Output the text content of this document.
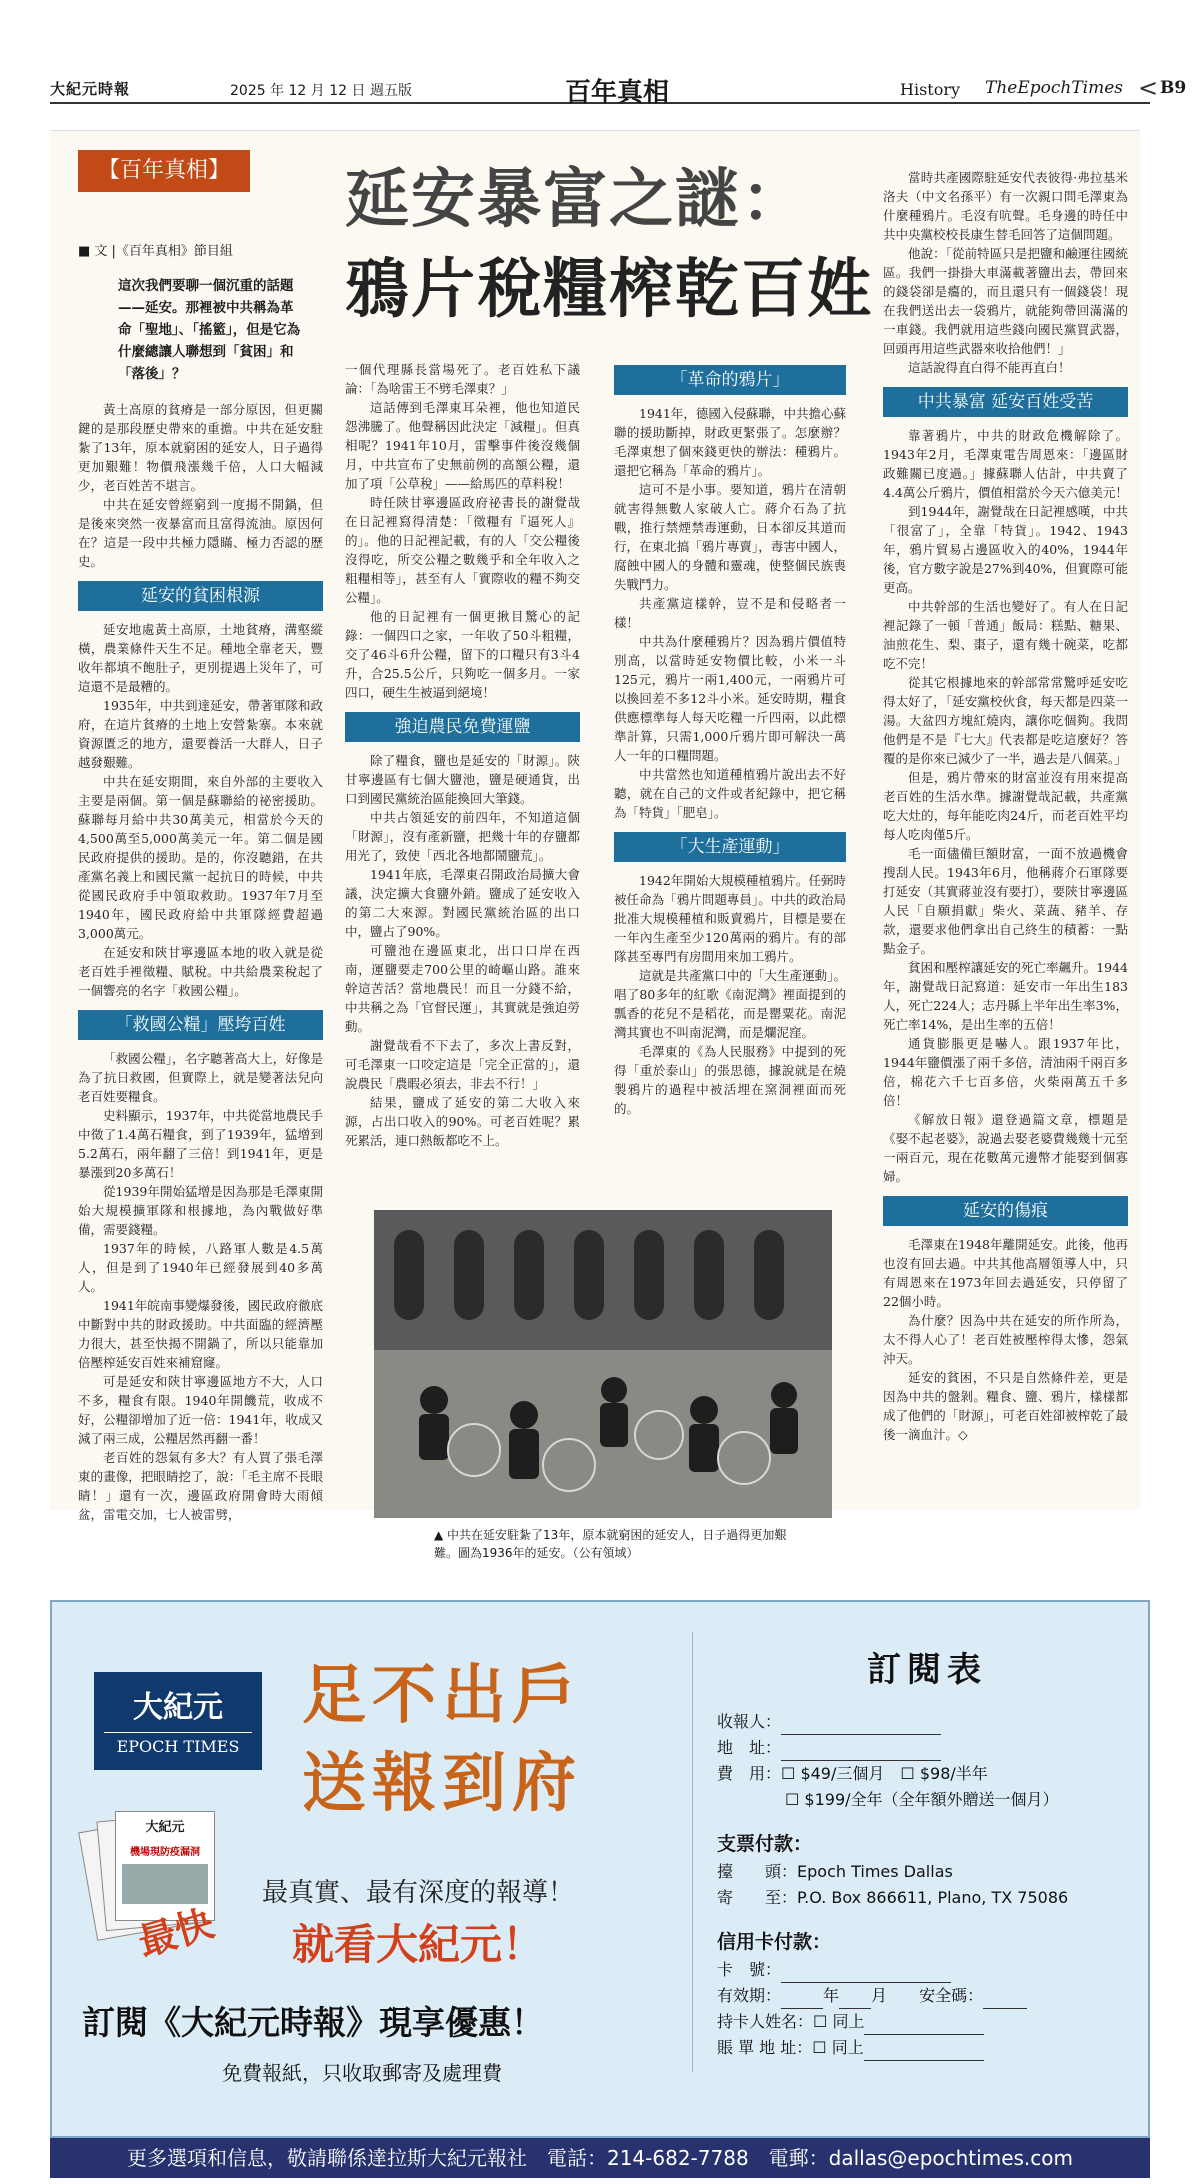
大紀元時報	2025 年 12 月 12 日 週五版	百年真相	History TheEpochTimes < B9
【百年真相】
■ 文 |《百年真相》節目組
這次我們要聊一個沉重的話題——延安。那裡被中共稱為革命「聖地」、「搖籃」，但是它為什麼總讓人聯想到「貧困」和「落後」？
延安暴富之謎：
鴉片稅糧榨乾百姓

黃土高原的貧瘠是一部分原因，但更關鍵的是那段歷史帶來的重擔。中共在延安駐紮了13年，原本就窮困的延安人，日子過得更加艱難！物價飛漲幾千倍，人口大幅減少，老百姓苦不堪言。

中共在延安曾經窮到一度揭不開鍋，但是後來突然一夜暴富而且富得流油。原因何在？這是一段中共極力隱瞞、極力否認的歷史。

延安的貧困根源

延安地處黃土高原，土地貧瘠，溝壑縱橫，農業條件天生不足。種地全靠老天，豐收年都填不飽肚子，更別提遇上災年了，可這還不是最糟的。

1935年，中共到達延安，帶著軍隊和政府，在這片貧瘠的土地上安營紮寨。本來就資源匱乏的地方，還要養活一大群人，日子越發艱難。

中共在延安期間，來自外部的主要收入主要是兩個。第一個是蘇聯給的祕密援助。蘇聯每月給中共30萬美元，相當於今天的4,500萬至5,000萬美元一年。第二個是國民政府提供的援助。是的，你沒聽錯，在共產黨名義上和國民黨一起抗日的時候，中共從國民政府手中領取救助。1937年7月至1940年，國民政府給中共軍隊經費超過3,000萬元。

在延安和陝甘寧邊區本地的收入就是從老百姓手裡徵糧、賦稅。中共給農業稅起了一個響亮的名字「救國公糧」。

「救國公糧」壓垮百姓

「救國公糧」，名字聽著高大上，好像是為了抗日救國，但實際上，就是變著法兒向老百姓要糧食。

史料顯示，1937年，中共從當地農民手中徵了1.4萬石糧食，到了1939年，猛增到5.2萬石，兩年翻了三倍！到1941年，更是暴漲到20多萬石！

從1939年開始猛增是因為那是毛澤東開始大規模擴軍隊和根據地，為內戰做好準備，需要錢糧。

1937年的時候，八路軍人數是4.5萬人，但是到了1940年已經發展到40多萬人。

1941年皖南事變爆發後，國民政府徹底中斷對中共的財政援助。中共面臨的經濟壓力很大，甚至快揭不開鍋了，所以只能靠加倍壓榨延安百姓來補窟窿。

可是延安和陝甘寧邊區地方不大，人口不多，糧食有限。1940年開饑荒，收成不好，公糧卻增加了近一倍：1941年，收成又減了兩三成，公糧居然再翻一番！

老百姓的怨氣有多大？有人買了張毛澤東的畫像，把眼睛挖了，說：「毛主席不長眼睛！」還有一次，邊區政府開會時大雨傾盆，雷電交加，七人被雷劈，

一個代理縣長當場死了。老百姓私下議論：「為啥雷王不劈毛澤東？」

這話傳到毛澤東耳朵裡，他也知道民怨沸騰了。他聲稱因此決定「減糧」。但真相呢？1941年10月，雷擊事件後沒幾個月，中共宣布了史無前例的高額公糧，還加了項「公草稅」——給馬匹的草料稅！

時任陝甘寧邊區政府祕書長的謝覺哉在日記裡寫得清楚：「徵糧有『逼死人』的」。他的日記裡記載，有的人「交公糧後沒得吃，所交公糧之數幾乎和全年收入之粗糧相等」，甚至有人「實際收的糧不夠交公糧」。

他的日記裡有一個更揪目驚心的記錄：一個四口之家，一年收了50斗粗糧，交了46斗6升公糧，留下的口糧只有3斗4升，合25.5公斤，只夠吃一個多月。一家四口，硬生生被逼到絕境！

強迫農民免費運鹽

除了糧食，鹽也是延安的「財源」。陝甘寧邊區有七個大鹽池，鹽是硬通貨，出口到國民黨統治區能換回大筆錢。

中共占領延安的前四年，不知道這個「財源」，沒有產新鹽，把幾十年的存鹽都用光了，致使「西北各地都鬧鹽荒」。

1941年底，毛澤東召開政治局擴大會議，決定擴大食鹽外銷。鹽成了延安收入的第二大來源。對國民黨統治區的出口中，鹽占了90%。

可鹽池在邊區東北，出口口岸在西南，運鹽要走700公里的崎嶇山路。誰來幹這苦活？當地農民！而且一分錢不給，中共稱之為「官督民運」，其實就是強迫勞動。

謝覺哉看不下去了，多次上書反對，可毛澤東一口咬定這是「完全正當的」，還說農民「農暇必須去，非去不行！」

結果，鹽成了延安的第二大收入來源，占出口收入的90%。可老百姓呢？累死累活，連口熱飯都吃不上。

「革命的鴉片」

1941年，德國入侵蘇聯，中共擔心蘇聯的援助斷掉，財政更緊張了。怎麼辦？毛澤東想了個來錢更快的辦法：種鴉片。還把它稱為「革命的鴉片」。

這可不是小事。要知道，鴉片在清朝就害得無數人家破人亡。蔣介石為了抗戰，推行禁煙禁毒運動，日本卻反其道而行，在東北搞「鴉片專賣」，毒害中國人，腐蝕中國人的身體和靈魂，使整個民族喪失戰鬥力。

共產黨這樣幹，豈不是和侵略者一樣！

中共為什麼種鴉片？因為鴉片價值特別高，以當時延安物價比較，小米一斗125元，鴉片一兩1,400元，一兩鴉片可以換回差不多12斗小米。延安時期，糧食供應標準每人每天吃糧一斤四兩，以此標準計算，只需1,000斤鴉片即可解決一萬人一年的口糧問題。

中共當然也知道種植鴉片說出去不好聽，就在自己的文件或者紀錄中，把它稱為「特貨」「肥皂」。

「大生產運動」

1942年開始大規模種植鴉片。任弼時被任命為「鴉片問題專員」。中共的政治局批准大規模種植和販賣鴉片，目標是要在一年內生產至少120萬兩的鴉片。有的部隊甚至專門有房間用來加工鴉片。

這就是共產黨口中的「大生產運動」。唱了80多年的紅歌《南泥灣》裡面提到的瓢香的花兒不是稻花，而是罌粟花。南泥灣其實也不叫南泥灣，而是爛泥窪。

毛澤東的《為人民服務》中提到的死得「重於泰山」的張思德，據說就是在燒製鴉片的過程中被活埋在窯洞裡面而死的。

當時共產國際駐延安代表彼得·弗拉基米洛夫（中文名孫平）有一次親口問毛澤東為什麼種鴉片。毛沒有吭聲。毛身邊的時任中共中央黨校校長康生替毛回答了這個問題。

他說：「從前特區只是把鹽和鹼運往國統區。我們一掛掛大車滿載著鹽出去，帶回來的錢袋卻是癟的，而且還只有一個錢袋！現在我們送出去一袋鴉片，就能夠帶回滿滿的一車錢。我們就用這些錢向國民黨買武器，回頭再用這些武器來收拾他們！」

這話說得直白得不能再直白！

中共暴富 延安百姓受苦

靠著鴉片，中共的財政危機解除了。1943年2月，毛澤東電告周恩來：「邊區財政難關已度過。」據蘇聯人估計，中共賣了4.4萬公斤鴉片，價值相當於今天六億美元！

到1944年，謝覺哉在日記裡感嘆，中共「很富了」，全靠「特貨」。1942、1943年，鴉片貿易占邊區收入的40%，1944年後，官方數字說是27%到40%，但實際可能更高。

中共幹部的生活也變好了。有人在日記裡記錄了一頓「普通」飯局：糕點、糖果、油煎花生、梨、棗子，還有幾十碗菜，吃都吃不完！

從其它根據地來的幹部常常驚呼延安吃得太好了，「延安黨校伙食，每天都是四菜一湯。大盆四方塊紅燒肉，讓你吃個夠。我問他們是不是『七大』代表都是吃這麼好？答覆的是你來已減少了一半，過去是八個菜。」

但是，鴉片帶來的財富並沒有用來提高老百姓的生活水準。據謝覺哉記載，共產黨吃大灶的，每年能吃肉24斤，而老百姓平均每人吃肉僅5斤。

毛一面儘備巨額財富，一面不放過機會搜刮人民。1943年6月，他稱蔣介石軍隊要打延安（其實蔣並沒有要打），要陝甘寧邊區人民「自願捐獻」柴火、菜蔬、豬羊、存款，還要求他們拿出自己終生的積蓄：一點點金子。

貧困和壓榨讓延安的死亡率飆升。1944年，謝覺哉日記寫道：延安市一年出生183人，死亡224人；志丹縣上半年出生率3%，死亡率14%，是出生率的五倍！

通貨膨脹更是嚇人。跟1937年比，1944年鹽價漲了兩千多倍，清油兩千兩百多倍，棉花六千七百多倍，火柴兩萬五千多倍！

《解放日報》還登過篇文章，標題是《娶不起老婆》，說過去娶老婆費幾幾十元至一兩百元，現在花數萬元邊幣才能娶到個寡婦。

延安的傷痕

毛澤東在1948年離開延安。此後，他再也沒有回去過。中共其他高層領導人中，只有周恩來在1973年回去過延安，只停留了22個小時。

為什麼？因為中共在延安的所作所為，太不得人心了！老百姓被壓榨得太慘，怨氣沖天。

延安的貧困，不只是自然條件差，更是因為中共的盤剝。糧食、鹽、鴉片，樣樣都成了他們的「財源」，可老百姓卻被榨乾了最後一滴血汁。◇

▲ 中共在延安駐紮了13年，原本就窮困的延安人，日子過得更加艱難。圖為1936年的延安。（公有領域）
大紀元
EPOCH TIMES
足不出戶
送報到府
大紀元
機場現防疫漏洞
最真實、最有深度的報導！
最快 就看大紀元！
訂閱《大紀元時報》現享優惠！
免費報紙，只收取郵寄及處理費
訂閱表
收報人：
地　址：
費　用：☐ $49/三個月　 ☐ $98/半年
☐ $199/全年（全年額外贈送一個月）
支票付款：
擡　　頭：Epoch Times Dallas
寄　　至：P.O. Box 866611, Plano, TX 75086
信用卡付款：
卡　號：
有效期：	年 月　　 安全碼：
持卡人姓名：☐ 同上
賬 單 地 址：☐ 同上
更多選項和信息，敬請聯係達拉斯大紀元報社　電話：214-682-7788　電郵：dallas@epochtimes.com
